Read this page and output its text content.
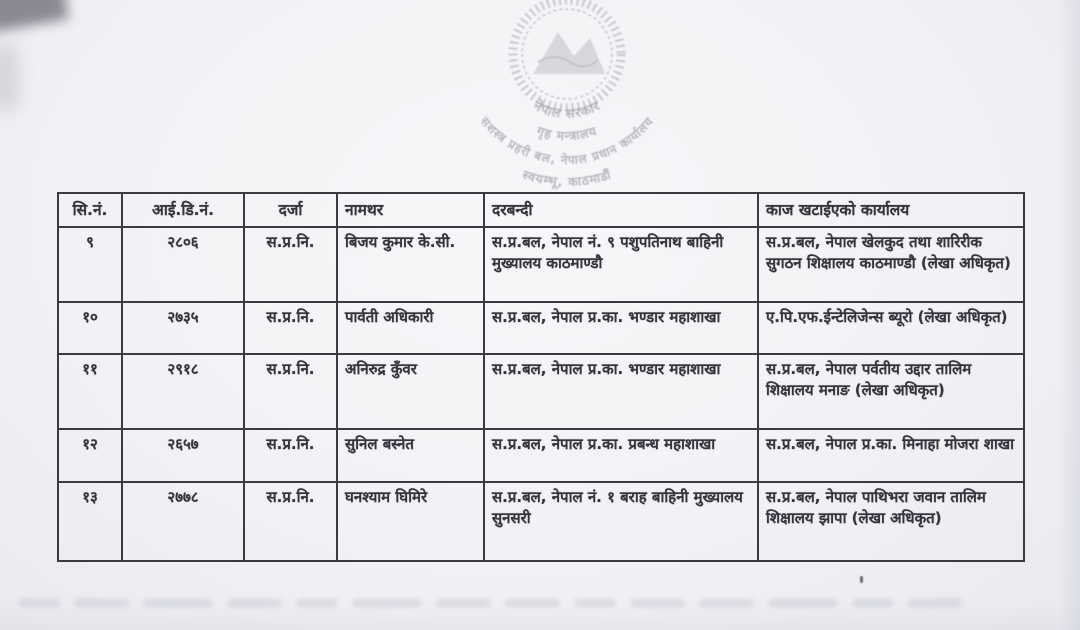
नेपाल सरकार
गृह मन्त्रालय
सशस्त्र प्रहरी बल, नेपाल प्रधान कार्यालय
स्वयम्भू, काठमाडौं
सि.नं.	आई.डि.नं.	दर्जा	नामथर	दरबन्दी	काज खटाईएको कार्यालय
९	२८०६	स.प्र.नि.	बिजय कुमार के.सी.	स.प्र.बल, नेपाल नं. ९ पशुपतिनाथ बाहिनी मुख्यालय काठमाण्डौ	स.प्र.बल, नेपाल खेलकुद तथा शारिरीक सुगठन शिक्षालय काठमाण्डौ (लेखा अधिकृत)
१०	२७३५	स.प्र.नि.	पार्वती अधिकारी	स.प्र.बल, नेपाल प्र.का. भण्डार महाशाखा	ए.पि.एफ.ईन्टेलिजेन्स ब्यूरो (लेखा अधिकृत)
११	२९१८	स.प्र.नि.	अनिरुद्र कुँवर	स.प्र.बल, नेपाल प्र.का. भण्डार महाशाखा	स.प्र.बल, नेपाल पर्वतीय उद्दार तालिम शिक्षालय मनाङ (लेखा अधिकृत)
१२	२६५७	स.प्र.नि.	सुनिल बस्नेत	स.प्र.बल, नेपाल प्र.का. प्रबन्ध महाशाखा	स.प्र.बल, नेपाल प्र.का. मिनाहा मोजरा शाखा
१३	२७७८	स.प्र.नि.	घनश्याम घिमिरे	स.प्र.बल, नेपाल नं. १ बराह बाहिनी मुख्यालय सुनसरी	स.प्र.बल, नेपाल पाथिभरा जवान तालिम शिक्षालय झापा (लेखा अधिकृत)
